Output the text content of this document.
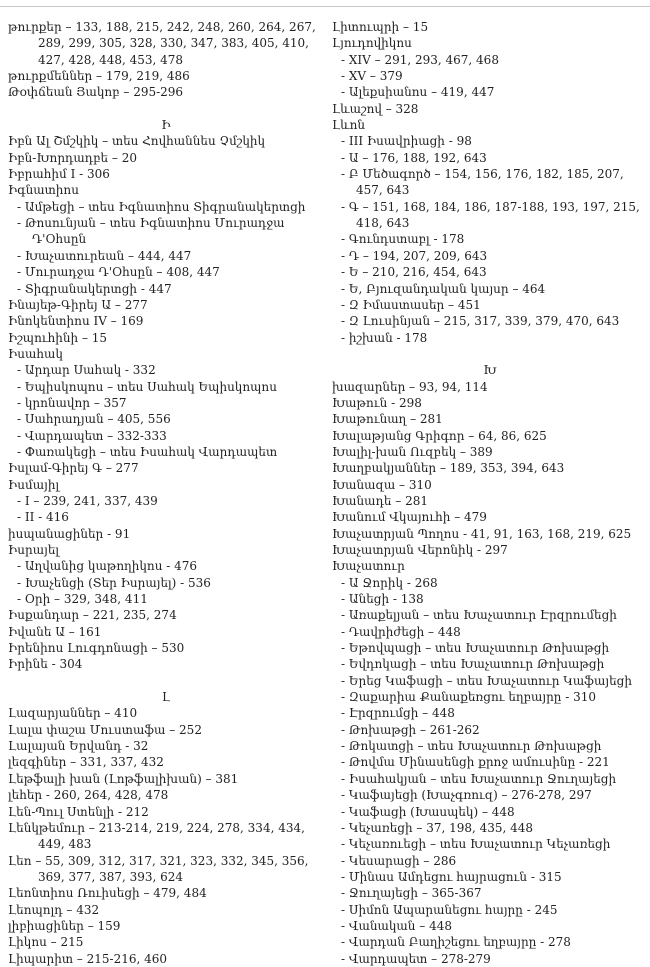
թուրքեր – 133, 188, 215, 242, 248, 260, 264, 267, 289, 299, 305, 328, 330, 347, 383, 405, 410, 427, 428, 448, 453, 478
թուրքմեններ – 179, 219, 486
Թօփճեան Յակոբ – 295-296
Ի
Իբն Ալ Շմշկիկ – տես Հովհաննես Չմշկիկ
Իբն-Խորդադբե – 20
Իբրահիմ I - 306
Իգնատիոս
- Ամթեցի – տես Իգնատիոս Տիգրանակերտցի
- Թոսունյան – տես Իգնատիոս Մուրադջա Դ'Օհսըն
- Խաչատուրեան – 444, 447
- Մուրադջա Դ'Օհսըն – 408, 447
- Տիգրանակերտցի - 447
Ինայեթ-Գիրեյ Ա – 277
Ինոկենտիոս IV – 169
Իշպուհինի – 15
Իսահակ
- Արդար Սահակ - 332
- Եպիսկոպոս – տես Սահակ Եպիսկոպոս
- կրոնավոր – 357
- Սահրադյան – 405, 556
- Վարդապետ – 332-333
- Փառակեցի – տես Իսահակ Վարդապետ
Իսլամ-Գիրեյ Գ – 277
Իսմայիլ
- I – 239, 241, 337, 439
- II - 416
իսպանացիներ - 91
Իսրայել
- Աղվանից կաթողիկոս - 476
- Խաչենցի (Տեր Իսրայել) - 536
- Օրի – 329, 348, 411
Իսքանդար – 221, 235, 274
Իվանե Ա – 161
Իրենիոս Լուգդոնացի – 530
Իրինե - 304
Լ
Լազարյաններ – 410
Լալա փաշա Մուստաֆա – 252
Լալայան Երվանդ - 32
լեզգիներ – 331, 337, 432
Լեթֆալի խան (Լոթֆալիխան) – 381
լեհեր - 260, 264, 428, 478
Լեն-Պուլ Ստենլի - 212
Լենկթեմուր – 213-214, 219, 224, 278, 334, 434, 449, 483
Լեո – 55, 309, 312, 317, 321, 323, 332, 345, 356, 369, 377, 387, 393, 624
Լեոնտիոս Ռուիսեցի – 479, 484
Լեոպոլդ – 432
լիբիացիներ – 159
Լիկոս – 215
Լիպարիտ – 215-216, 460
Լիտուպրի – 15
Լյուդովիկոս
- XIV – 291, 293, 467, 468
- XV – 379
- Ալեքսիանոս – 419, 447
Լևաշով – 328
Լևոն
- III Իսավրիացի - 98
- Ա – 176, 188, 192, 643
- Բ Մեծագործ – 154, 156, 176, 182, 185, 207, 457, 643
- Գ – 151, 168, 184, 186, 187-188, 193, 197, 215, 418, 643
- Գունդստաբլ - 178
- Դ – 194, 207, 209, 643
- Ե – 210, 216, 454, 643
- Ե, Բյուզանդական կայսր – 464
- Զ Իմաստասեր – 451
- Զ Լուսինյան – 215, 317, 339, 379, 470, 643
- իշխան - 178
Խ
խազարներ – 93, 94, 114
Խաթուն - 298
Խաթունաղ – 281
Խալաթյանց Գրիգոր – 64, 86, 625
Խալիլ-խան Ուզբեկ – 389
Խաղբակյաններ – 189, 353, 394, 643
Խանազա – 310
Խանադե – 281
Խանում Վկայուհի – 479
Խաչատրյան Պողոս - 41, 91, 163, 168, 219, 625
Խաչատրյան Վերոնիկ - 297
Խաչատուր
- Ա Ջորիկ - 268
- Անեցի - 138
- Առաքելյան – տես Խաչատուր Էրզրումեցի
- Դավրիժեցի – 448
- Եթովպացի – տես Խաչատուր Թոխաթցի
- Եվդոկացի – տես Խաչատուր Թոխաթցի
- Երեց Կաֆացի – տես Խաչատուր Կաֆայեցի
- Զաքարիա Քանաքեռցու եղբայրը - 310
- Էրզրումցի – 448
- Թոխաթցի – 261-262
- Թոկատցի – տես Խաչատուր Թոխաթցի
- Թովմա Մինասենցի քրոջ ամուսինը - 221
- Իսահակյան – տես Խաչատուր Ջուղայեցի
- Կաֆայեցի (Խաչգռուզ) – 276-278, 297
- Կաֆացի (Խասպեկ) – 448
- Կեչառեցի – 37, 198, 435, 448
- Կեչառուեցի – տես Խաչատուր Կեչառեցի
- Կեսարացի – 286
- Մինաս Ամդեցու հայրացուն - 315
- Ջուղայեցի – 365-367
- Սիմոն Ապարանեցու հայրը - 245
- Վանական – 448
- Վարդան Բաղիշեցու եղբայրը - 278
- Վարդապետ – 278-279
